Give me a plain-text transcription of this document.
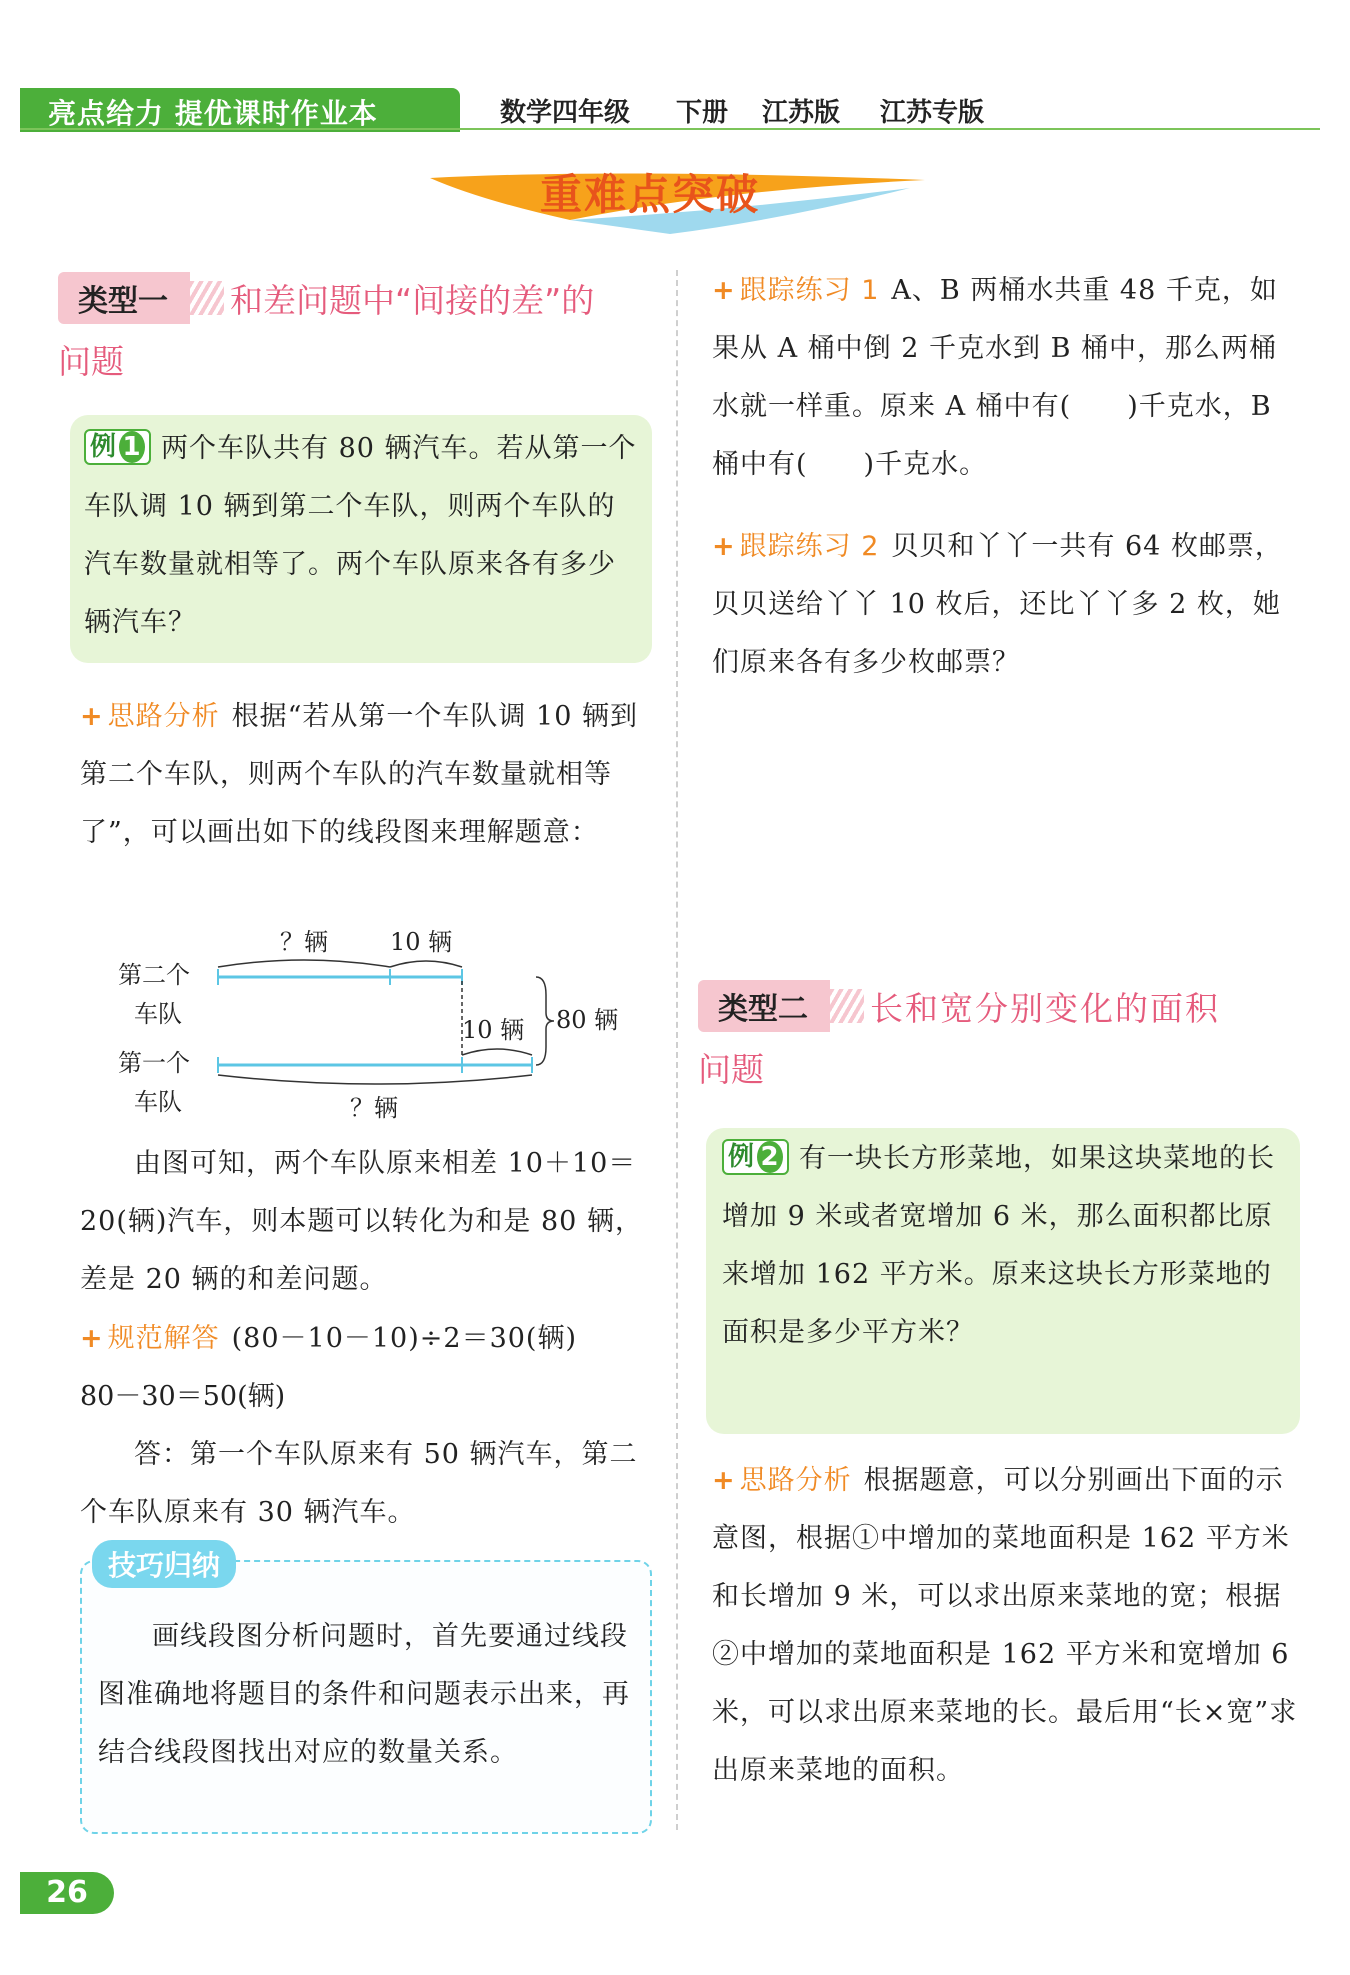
亮点给力 提优课时作业本	数学四年级 下册 江苏版 江苏专版
重难点突破
类型一	和差问题中“间接的差”的
问题
例 1 两个车队共有 80 辆汽车。若从第一个车队调 10 辆到第二个车队，则两个车队的汽车数量就相等了。两个车队原来各有多少辆汽车？
+ 思路分析 根据“若从第一个车队调 10 辆到第二个车队，则两个车队的汽车数量就相等了”，可以画出如下的线段图来理解题意：
第二个
车队
第一个
车队
？辆	10 辆
10 辆 80 辆
？辆
由图可知，两个车队原来相差 10＋10＝20(辆)汽车，则本题可以转化为和是 80 辆，差是 20 辆的和差问题。
+ 规范解答 (80－10－10)÷2＝30(辆)
80－30＝50(辆)
答：第一个车队原来有 50 辆汽车，第二个车队原来有 30 辆汽车。
技巧归纳
画线段图分析问题时，首先要通过线段图准确地将题目的条件和问题表示出来，再结合线段图找出对应的数量关系。
+ 跟踪练习 1 A、B 两桶水共重 48 千克，如果从 A 桶中倒 2 千克水到 B 桶中，那么两桶水就一样重。原来 A 桶中有(　　)千克水，B 桶中有(　　)千克水。
+ 跟踪练习 2 贝贝和丫丫一共有 64 枚邮票，贝贝送给丫丫 10 枚后，还比丫丫多 2 枚，她们原来各有多少枚邮票？
类型二	长和宽分别变化的面积
问题
例 2 有一块长方形菜地，如果这块菜地的长增加 9 米或者宽增加 6 米，那么面积都比原来增加 162 平方米。原来这块长方形菜地的面积是多少平方米？
+ 思路分析 根据题意，可以分别画出下面的示意图，根据①中增加的菜地面积是 162 平方米和长增加 9 米，可以求出原来菜地的宽；根据②中增加的菜地面积是 162 平方米和宽增加 6 米，可以求出原来菜地的长。最后用“长×宽”求出原来菜地的面积。
26
